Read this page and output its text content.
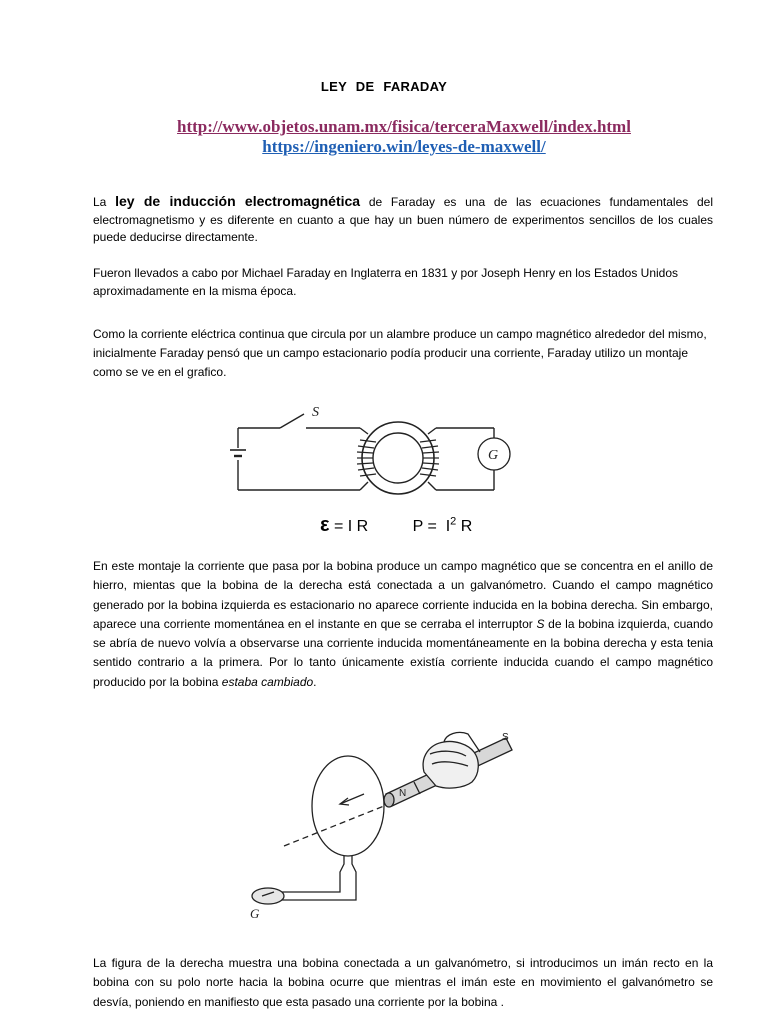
LEY DE FARADAY
http://www.objetos.unam.mx/fisica/terceraMaxwell/index.html
https://ingeniero.win/leyes-de-maxwell/

La ley de inducción electromagnética de Faraday es una de las ecuaciones fundamentales del electromagnetismo y es diferente en cuanto a que hay un buen número de experimentos sencillos de los cuales puede deducirse directamente.

Fueron llevados a cabo por Michael Faraday en Inglaterra en 1831 y por Joseph Henry en los Estados Unidos aproximadamente en la misma época.

Como la corriente eléctrica continua que circula por un alambre produce un campo magnético alrededor del mismo, inicialmente Faraday pensó que un campo estacionario podía producir una corriente, Faraday utilizo un montaje como se ve en el grafico.

S
G
ε = I R	$P = I^2$ R

En este montaje la corriente que pasa por la bobina produce un campo magnético que se concentra en el anillo de hierro, mientas que la bobina de la derecha está conectada a un galvanómetro. Cuando el campo magnético generado por la bobina izquierda es estacionario no aparece corriente inducida en la bobina derecha. Sin embargo, aparece una corriente momentánea en el instante en que se cerraba el interruptor S de la bobina izquierda, cuando se abría de nuevo volvía a observarse una corriente inducida momentáneamente en la bobina derecha y esta tenia sentido contrario a la primera. Por lo tanto únicamente existía corriente inducida cuando el campo magnético producido por la bobina estaba cambiado.

N
S
G

La figura de la derecha muestra una bobina conectada a un galvanómetro, si introducimos un imán recto en la bobina con su polo norte hacia la bobina ocurre que mientras el imán este en movimiento el galvanómetro se desvía, poniendo en manifiesto que esta pasado una corriente por la bobina .
